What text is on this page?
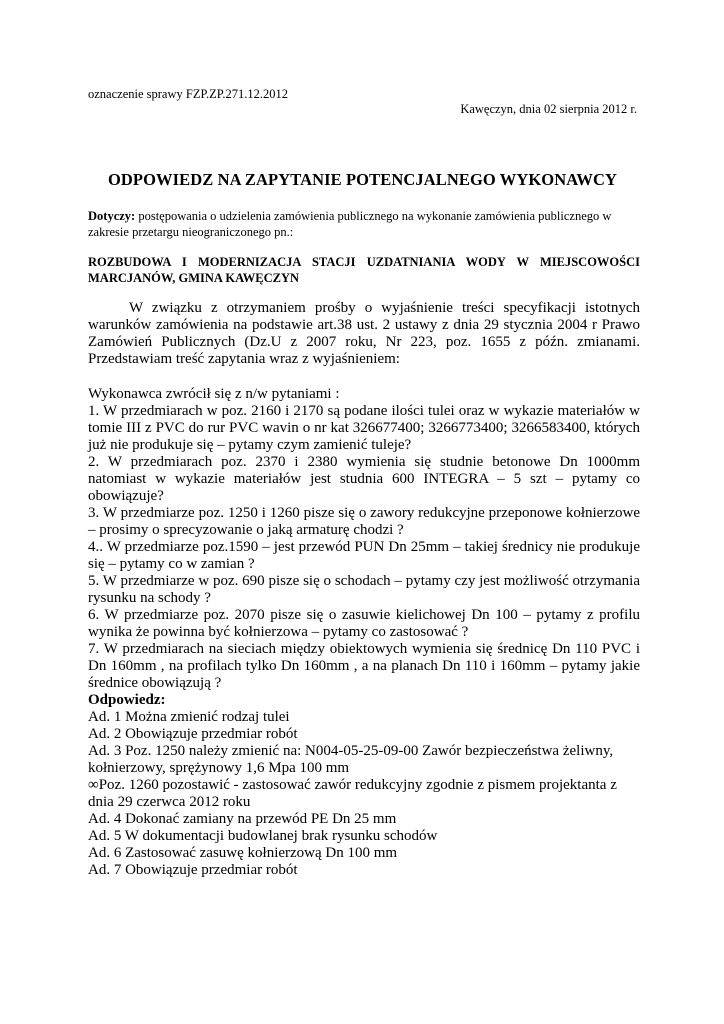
oznaczenie sprawy FZP.ZP.271.12.2012
Kawęczyn, dnia 02 sierpnia 2012 r.
ODPOWIEDZ NA ZAPYTANIE POTENCJALNEGO WYKONAWCY
Dotyczy: postępowania o udzielenia zamówienia publicznego na wykonanie zamówienia publicznego w zakresie przetargu nieograniczonego pn.:
ROZBUDOWA I MODERNIZACJA STACJI UZDATNIANIA WODY W MIEJSCOWOŚCI MARCJANÓW, GMINA KAWĘCZYN
W związku z otrzymaniem prośby o wyjaśnienie treści specyfikacji istotnych warunków zamówienia na podstawie art.38 ust. 2 ustawy z dnia 29 stycznia 2004 r Prawo Zamówień Publicznych (Dz.U z 2007 roku, Nr 223, poz. 1655 z późn. zmianami. Przedstawiam treść zapytania wraz z wyjaśnieniem:
Wykonawca zwrócił się z n/w pytaniami :
1. W przedmiarach w poz. 2160 i 2170 są podane ilości tulei oraz w wykazie materiałów w tomie III z PVC do rur PVC wavin o nr kat 326677400; 3266773400; 3266583400, których już nie produkuje się – pytamy czym zamienić tuleje?
2. W przedmiarach poz. 2370 i 2380 wymienia się studnie betonowe Dn 1000mm natomiast w wykazie materiałów jest studnia 600 INTEGRA – 5 szt – pytamy co obowiązuje?
3. W przedmiarze poz. 1250 i 1260 pisze się o zawory redukcyjne przeponowe kołnierzowe – prosimy o sprecyzowanie o jaką armaturę chodzi ?
4.. W przedmiarze poz.1590 – jest przewód PUN Dn 25mm – takiej średnicy nie produkuje się – pytamy co w zamian ?
5. W przedmiarze w poz. 690 pisze się o schodach – pytamy czy jest możliwość otrzymania rysunku na schody ?
6. W przedmiarze poz. 2070 pisze się o zasuwie kielichowej Dn 100 – pytamy z profilu wynika że powinna być kołnierzowa – pytamy co zastosować ?
7. W przedmiarach na sieciach między obiektowych wymienia się średnicę Dn 110 PVC i Dn 160mm , na profilach tylko Dn 160mm , a na planach Dn 110 i 160mm – pytamy jakie średnice obowiązują ?
Odpowiedz:
Ad. 1 Można zmienić rodzaj tulei
Ad. 2 Obowiązuje przedmiar robót
Ad. 3 Poz. 1250 należy zmienić na: N004-05-25-09-00 Zawór bezpieczeństwa żeliwny, kołnierzowy, sprężynowy 1,6 Mpa 100 mm
∞Poz. 1260 pozostawić - zastosować zawór redukcyjny zgodnie z pismem projektanta z dnia 29 czerwca 2012 roku
Ad. 4 Dokonać zamiany na przewód PE Dn 25 mm
Ad. 5 W dokumentacji budowlanej brak rysunku schodów
Ad. 6 Zastosować zasuwę kołnierzową Dn 100 mm
Ad. 7 Obowiązuje przedmiar robót
